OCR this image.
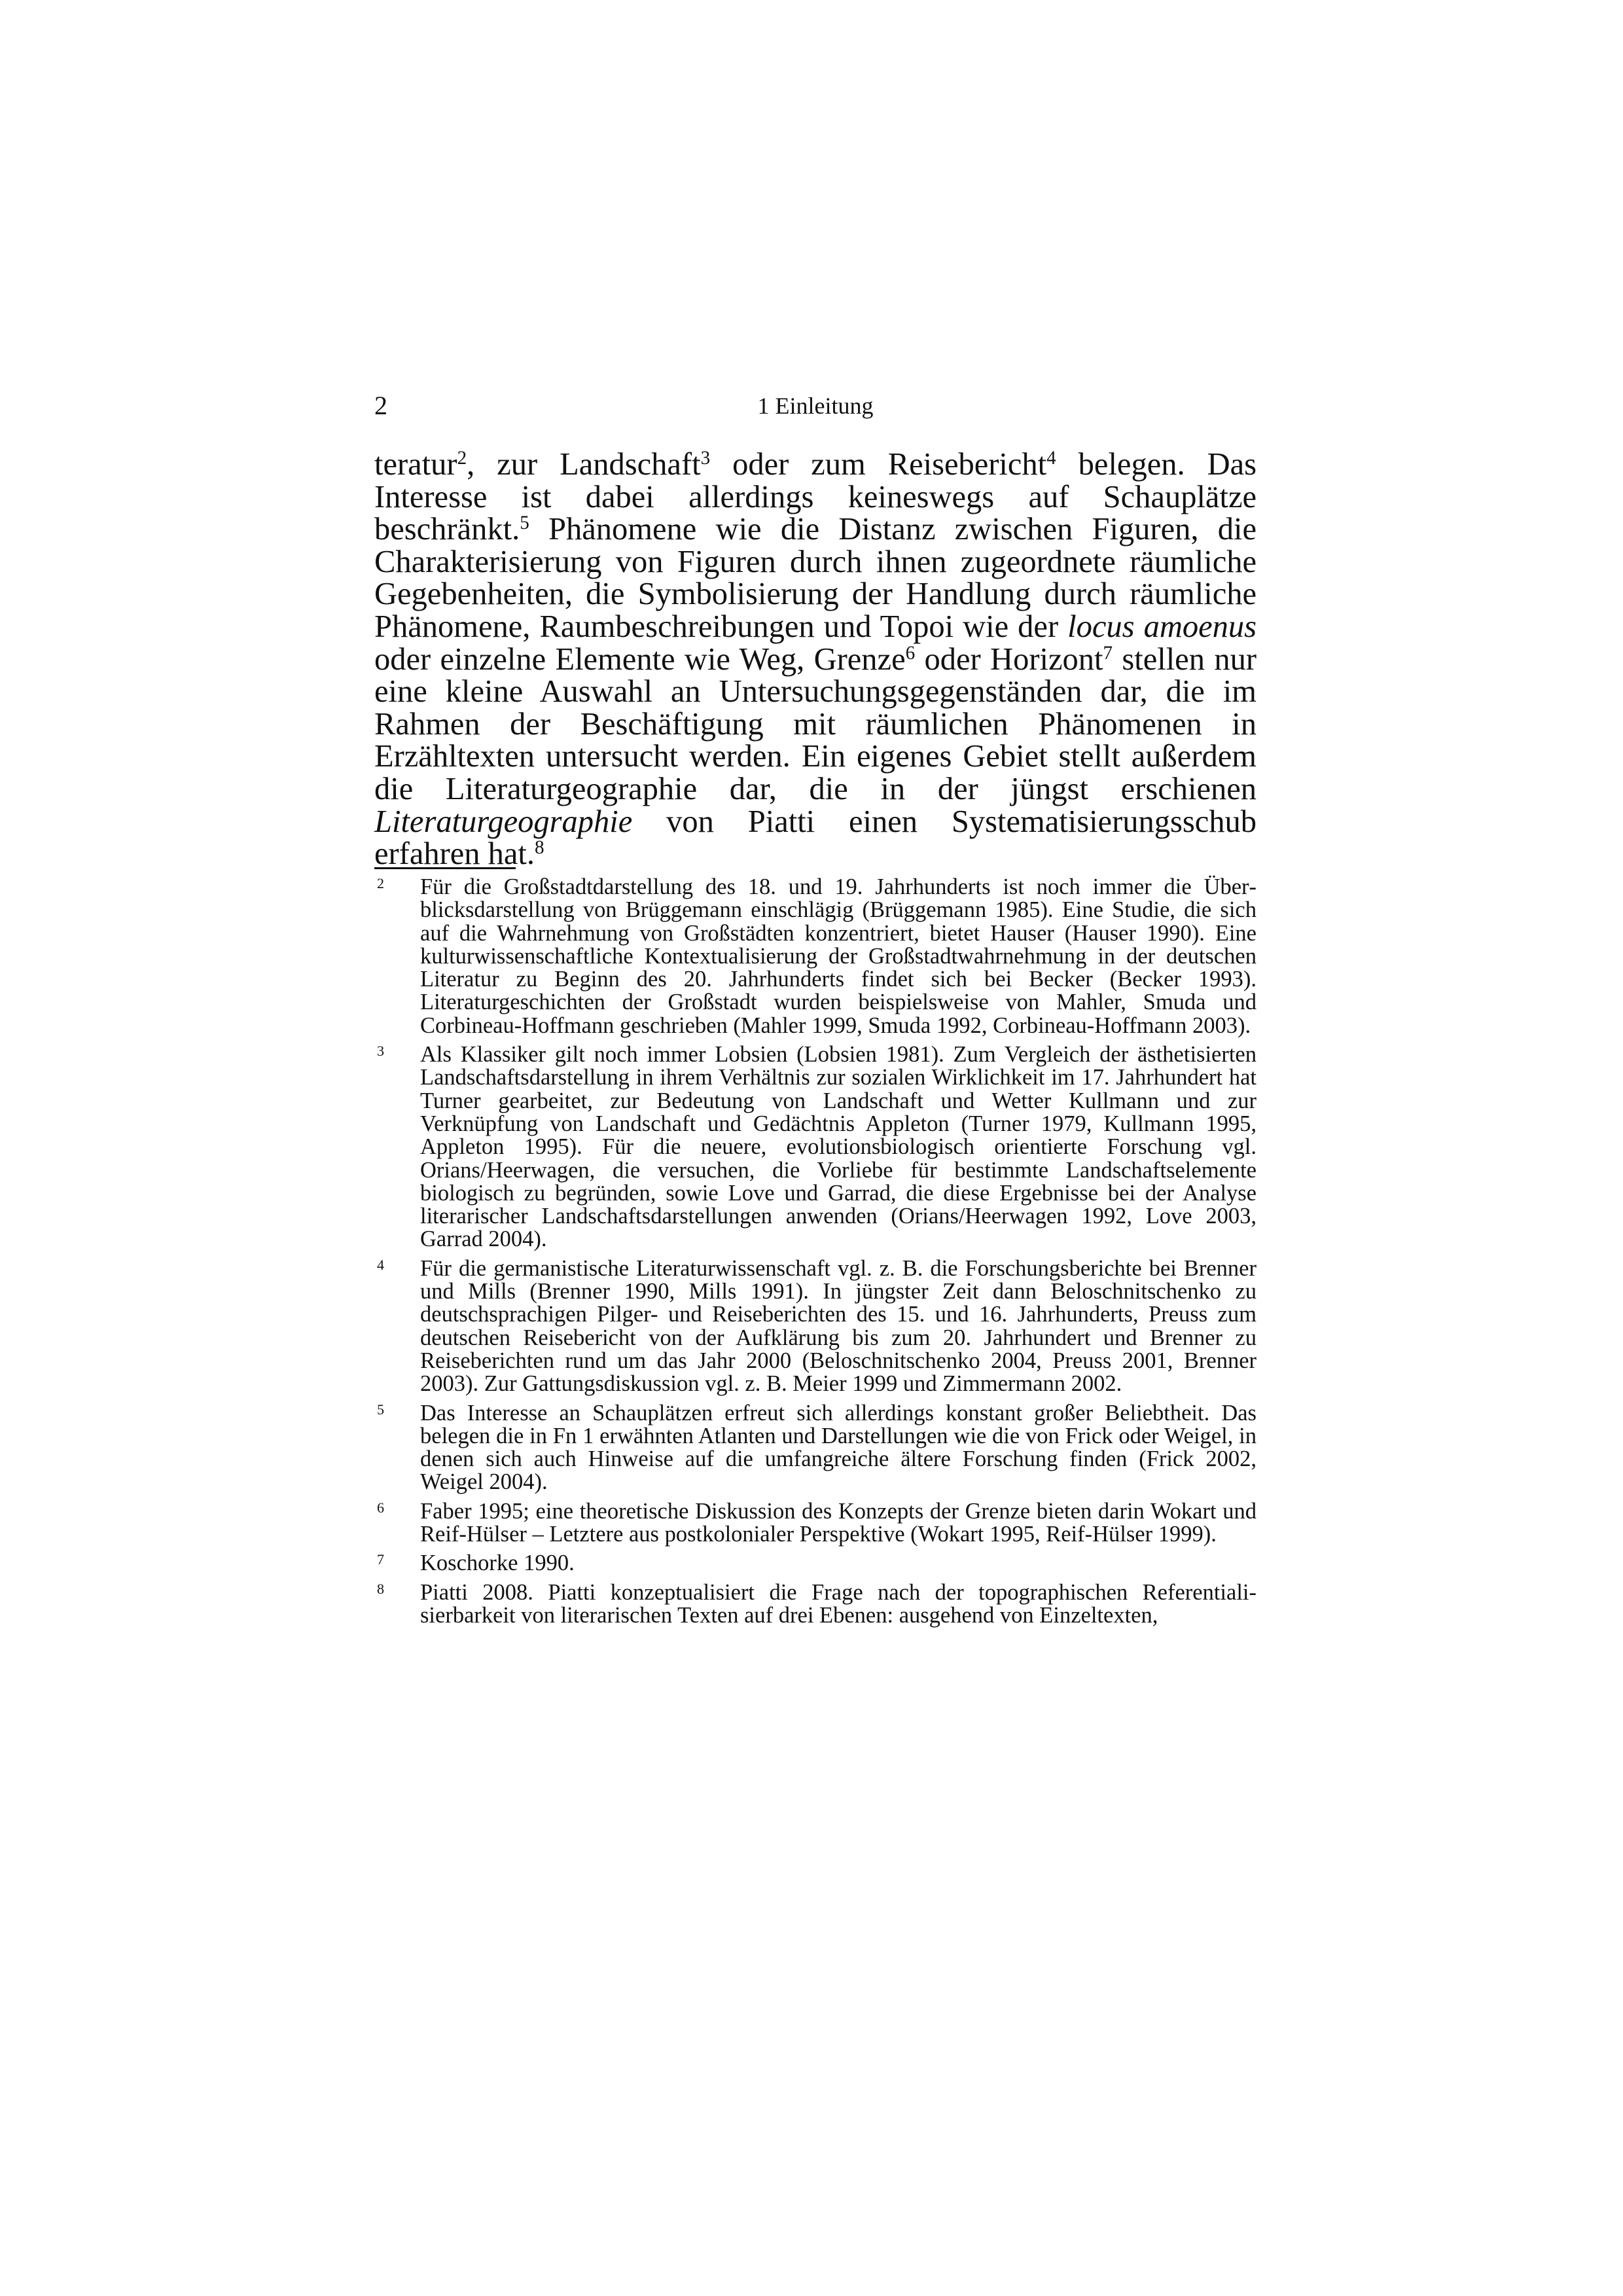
2	1 Einleitung

teratur$^2$, zur Landschaft$^3$ oder zum Reisebericht$^4$ belegen. Das Interesse ist dabei allerdings keineswegs auf Schauplätze beschränkt.$^5$ Phänomene wie die Distanz zwischen Figuren, die Charakterisierung von Figuren durch ihnen zugeordnete räumliche Gegebenheiten, die Symbolisierung der Handlung durch räumliche Phänomene, Raumbeschreibungen und Topoi wie der locus amoenus oder einzelne Elemente wie Weg, Grenze$^6$ oder Horizont$^7$ stellen nur eine kleine Auswahl an Untersuchungsgegenständen dar, die im Rahmen der Beschäftigung mit räumlichen Phänomenen in Erzähltexten untersucht werden. Ein eigenes Gebiet stellt außerdem die Literaturgeographie dar, die in der jüngst erschienen Literaturgeographie von Piatti einen Systematisierungsschub erfahren hat.$^8$

2 Für die Großstadtdarstellung des 18. und 19. Jahrhunderts ist noch immer die Überblicksdarstellung von Brüggemann einschlägig (Brüggemann 1985). Eine Studie, die sich auf die Wahrnehmung von Großstädten konzentriert, bietet Hauser (Hauser 1990). Eine kulturwissenschaftliche Kontextualisierung der Großstadtwahrnehmung in der deutschen Literatur zu Beginn des 20. Jahrhunderts findet sich bei Becker (Becker 1993). Literaturgeschichten der Großstadt wurden beispielsweise von Mahler, Smuda und Corbineau-Hoffmann geschrieben (Mahler 1999, Smuda 1992, Corbineau-Hoffmann 2003).
3 Als Klassiker gilt noch immer Lobsien (Lobsien 1981). Zum Vergleich der ästhetisierten Landschaftsdarstellung in ihrem Verhältnis zur sozialen Wirklichkeit im 17. Jahrhundert hat Turner gearbeitet, zur Bedeutung von Landschaft und Wetter Kullmann und zur Verknüpfung von Landschaft und Gedächtnis Appleton (Turner 1979, Kullmann 1995, Appleton 1995). Für die neuere, evolutionsbiologisch orientierte Forschung vgl. Orians/Heerwagen, die versuchen, die Vorliebe für bestimmte Landschaftselemente biologisch zu begründen, sowie Love und Garrad, die diese Ergebnisse bei der Analyse literarischer Landschaftsdarstellungen anwenden (Orians/Heerwagen 1992, Love 2003, Garrad 2004).
4 Für die germanistische Literaturwissenschaft vgl. z. B. die Forschungsberichte bei Brenner und Mills (Brenner 1990, Mills 1991). In jüngster Zeit dann Beloschnitschenko zu deutschsprachigen Pilger- und Reiseberichten des 15. und 16. Jahrhunderts, Preuss zum deutschen Reisebericht von der Aufklärung bis zum 20. Jahrhundert und Brenner zu Reiseberichten rund um das Jahr 2000 (Beloschnitschenko 2004, Preuss 2001, Brenner 2003). Zur Gattungsdiskussion vgl. z. B. Meier 1999 und Zimmermann 2002.
5 Das Interesse an Schauplätzen erfreut sich allerdings konstant großer Beliebtheit. Das belegen die in Fn 1 erwähnten Atlanten und Darstellungen wie die von Frick oder Weigel, in denen sich auch Hinweise auf die umfangreiche ältere Forschung finden (Frick 2002, Weigel 2004).
6 Faber 1995; eine theoretische Diskussion des Konzepts der Grenze bieten darin Wokart und Reif-Hülser – Letztere aus postkolonialer Perspektive (Wokart 1995, Reif-Hülser 1999).
7 Koschorke 1990.
8 Piatti 2008. Piatti konzeptualisiert die Frage nach der topographischen Referentialisierbarkeit von literarischen Texten auf drei Ebenen: ausgehend von Einzeltexten,
